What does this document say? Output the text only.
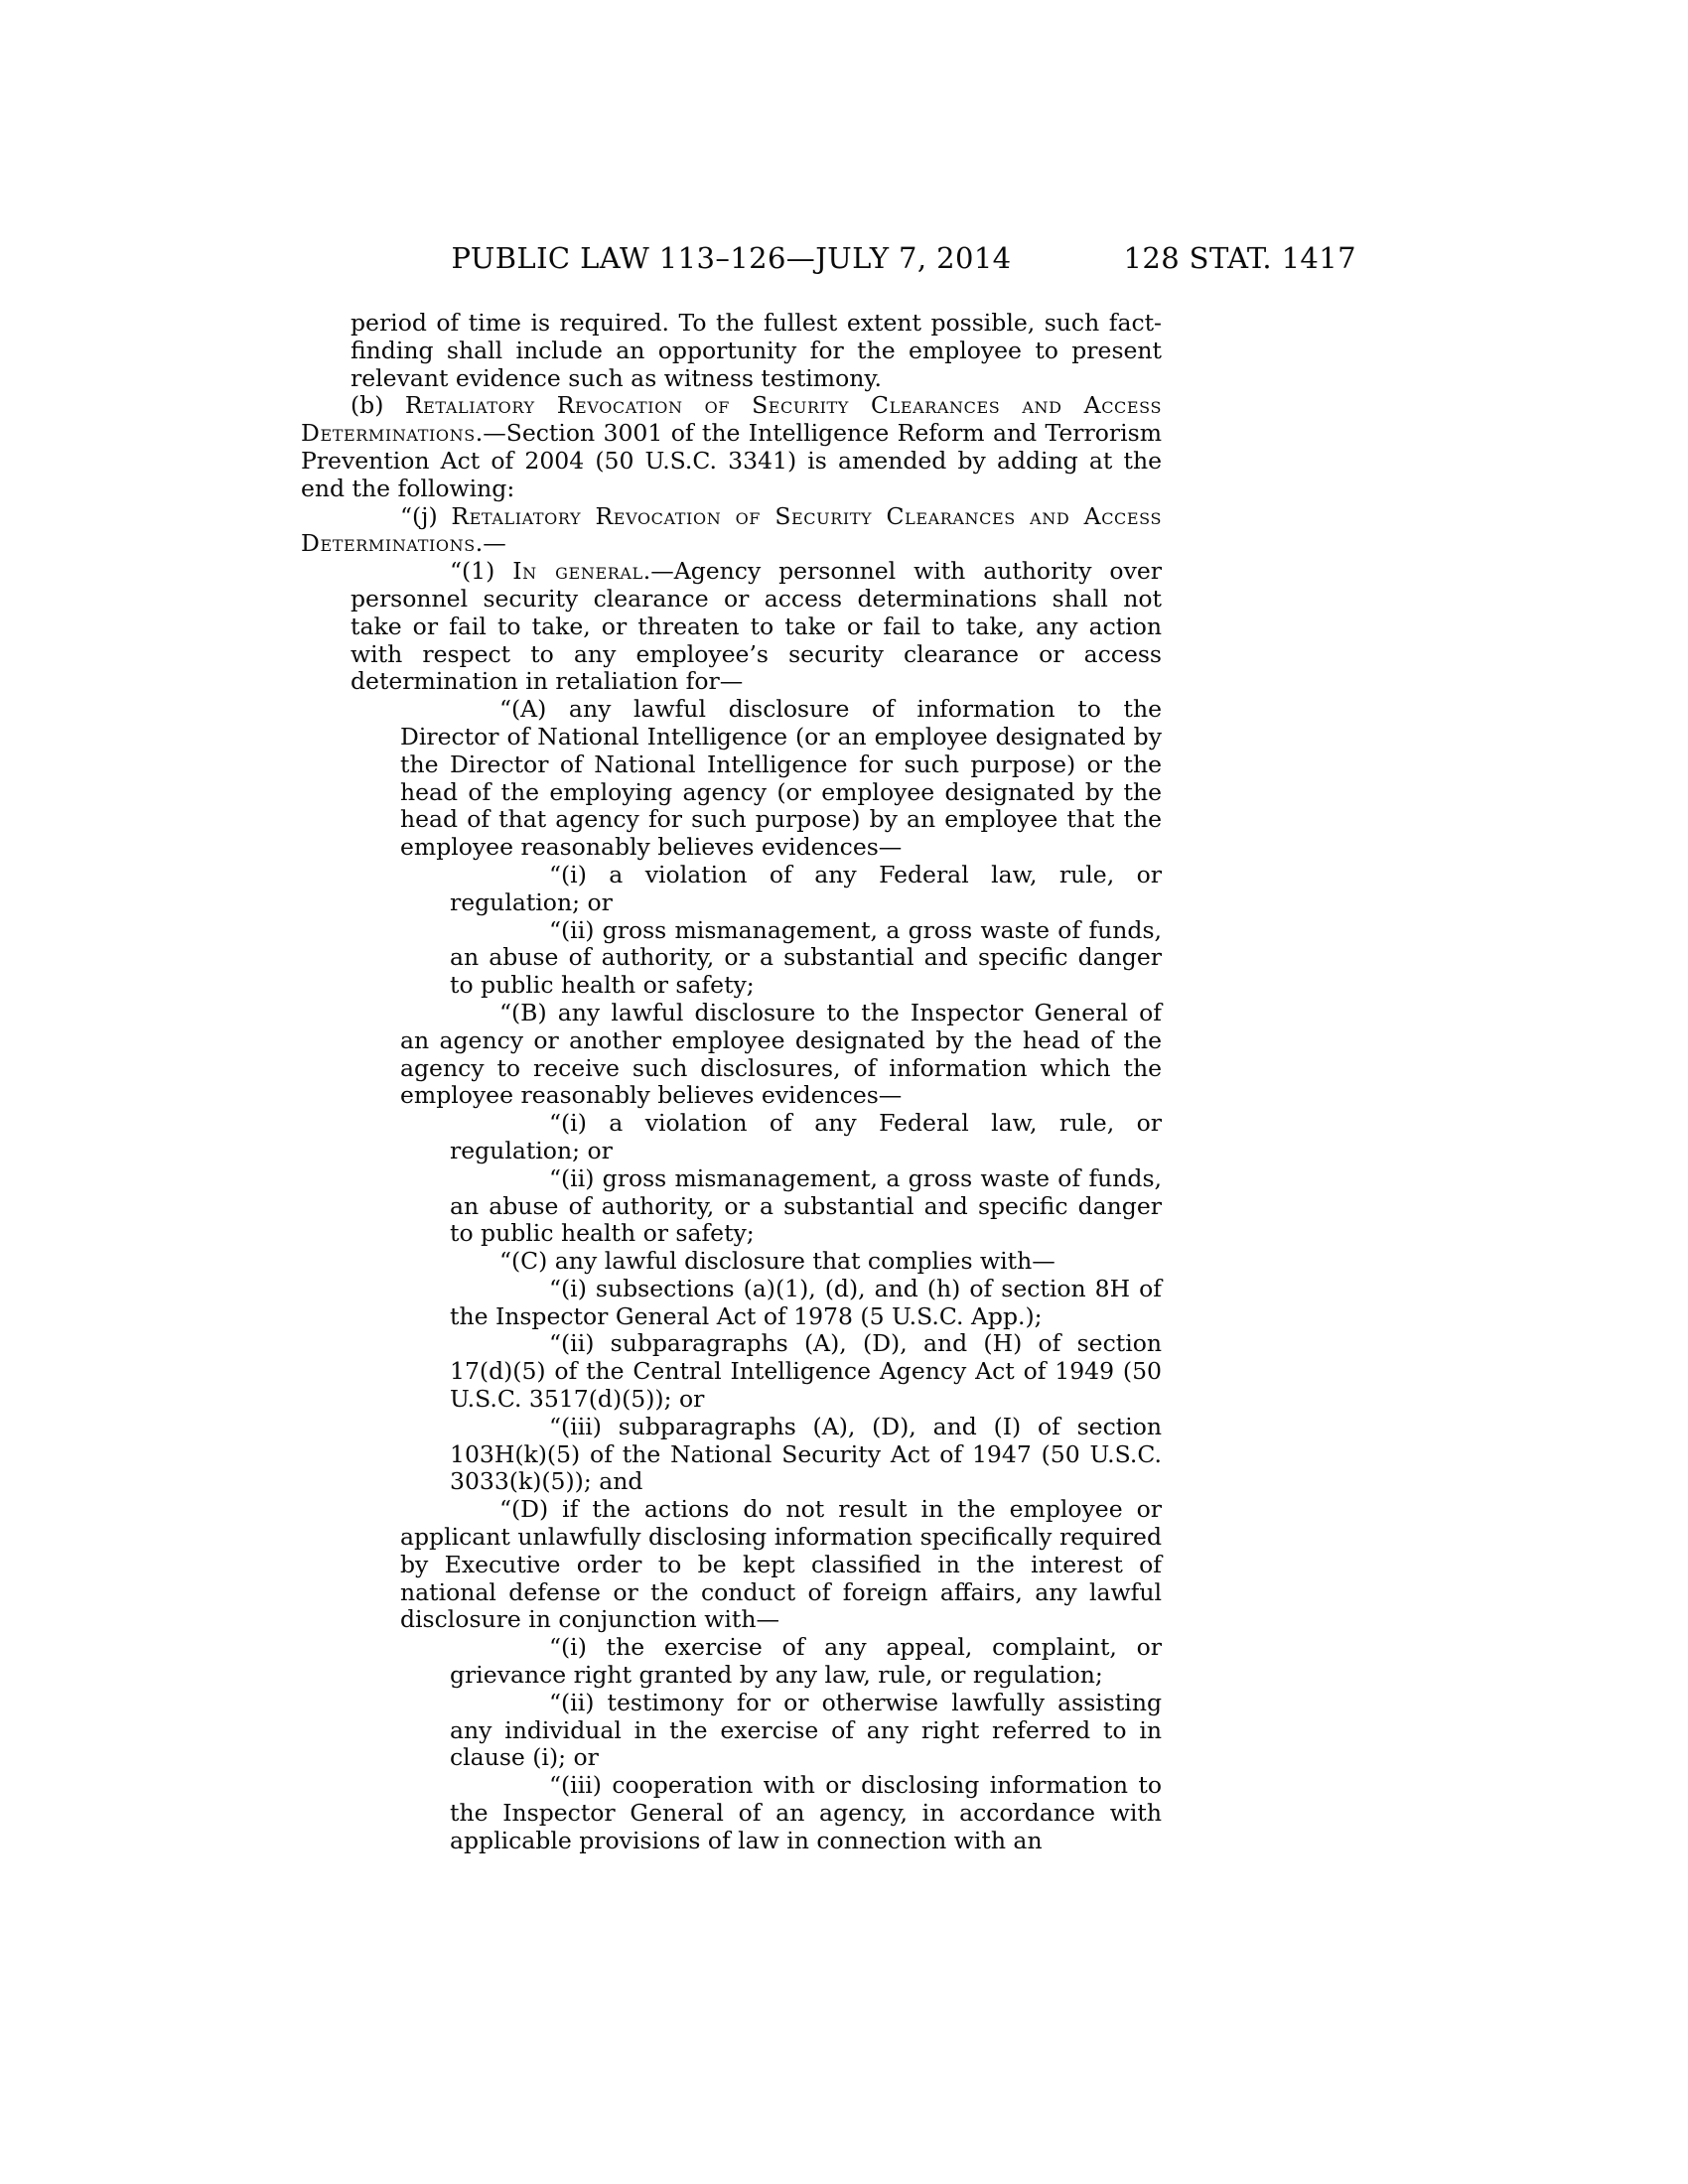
PUBLIC LAW 113–126—JULY 7, 2014	128 STAT. 1417

period of time is required. To the fullest extent possible, such fact-finding shall include an opportunity for the employee to present relevant evidence such as witness testimony.

(b) Retaliatory Revocation of Security Clearances and Access Determinations.—Section 3001 of the Intelligence Reform and Terrorism Prevention Act of 2004 (50 U.S.C. 3341) is amended by adding at the end the following:

“(j) Retaliatory Revocation of Security Clearances and Access Determinations.—

“(1) In general.—Agency personnel with authority over personnel security clearance or access determinations shall not take or fail to take, or threaten to take or fail to take, any action with respect to any employee’s security clearance or access determination in retaliation for—

“(A) any lawful disclosure of information to the Director of National Intelligence (or an employee designated by the Director of National Intelligence for such purpose) or the head of the employing agency (or employee designated by the head of that agency for such purpose) by an employee that the employee reasonably believes evidences—

“(i) a violation of any Federal law, rule, or regulation; or

“(ii) gross mismanagement, a gross waste of funds, an abuse of authority, or a substantial and specific danger to public health or safety;

“(B) any lawful disclosure to the Inspector General of an agency or another employee designated by the head of the agency to receive such disclosures, of information which the employee reasonably believes evidences—

“(i) a violation of any Federal law, rule, or regulation; or

“(ii) gross mismanagement, a gross waste of funds, an abuse of authority, or a substantial and specific danger to public health or safety;

“(C) any lawful disclosure that complies with—

“(i) subsections (a)(1), (d), and (h) of section 8H of the Inspector General Act of 1978 (5 U.S.C. App.);

“(ii) subparagraphs (A), (D), and (H) of section 17(d)(5) of the Central Intelligence Agency Act of 1949 (50 U.S.C. 3517(d)(5)); or

“(iii) subparagraphs (A), (D), and (I) of section 103H(k)(5) of the National Security Act of 1947 (50 U.S.C. 3033(k)(5)); and

“(D) if the actions do not result in the employee or applicant unlawfully disclosing information specifically required by Executive order to be kept classified in the interest of national defense or the conduct of foreign affairs, any lawful disclosure in conjunction with—

“(i) the exercise of any appeal, complaint, or grievance right granted by any law, rule, or regulation;

“(ii) testimony for or otherwise lawfully assisting any individual in the exercise of any right referred to in clause (i); or

“(iii) cooperation with or disclosing information to the Inspector General of an agency, in accordance with applicable provisions of law in connection with an
